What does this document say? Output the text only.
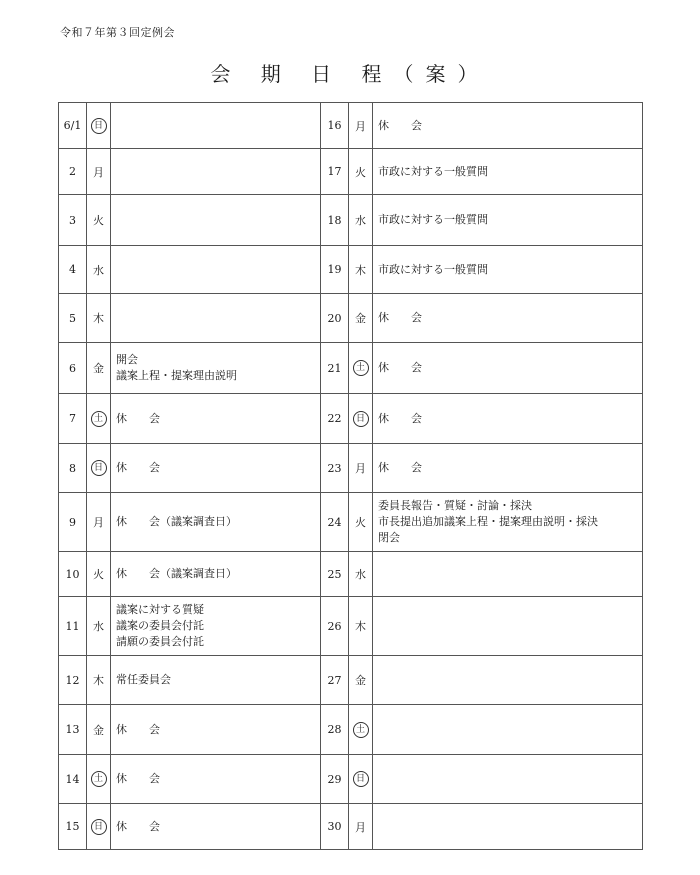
令和７年第３回定例会
会 期 日 程（案）
6/1	日		16	月	休　　会

2	月		17	火	市政に対する一般質問

3	火		18	水	市政に対する一般質問

4	水		19	木	市政に対する一般質問

5	木		20	金	休　　会

6	金	開会
議案上程・提案理由説明	21	土	休　　会

7	土	休　　会	22	日	休　　会

8	日	休　　会	23	月	休　　会

9	月	休　　会（議案調査日）	24	火	委員長報告・質疑・討論・採決
市長提出追加議案上程・提案理由説明・採決
閉会

10	火	休　　会（議案調査日）	25	水	
11	水	議案に対する質疑
議案の委員会付託
請願の委員会付託	26	木	
12	木	常任委員会	27	金	
13	金	休　　会	28	土	
14	土	休　　会	29	日	
15	日	休　　会	30	月	
